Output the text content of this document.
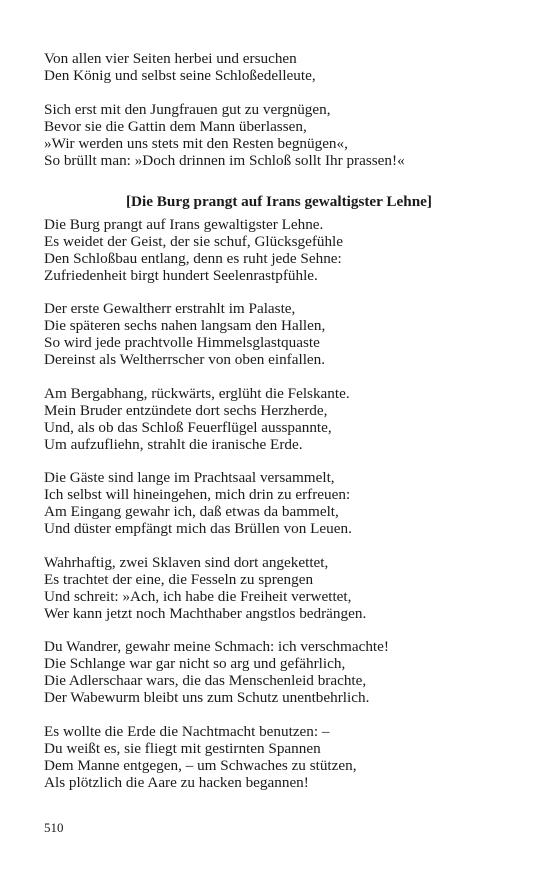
Von allen vier Seiten herbei und ersuchen
Den König und selbst seine Schloßedelleute,
Sich erst mit den Jungfrauen gut zu vergnügen,
Bevor sie die Gattin dem Mann überlassen,
»Wir werden uns stets mit den Resten begnügen«,
So brüllt man: »Doch drinnen im Schloß sollt Ihr prassen!«
[Die Burg prangt auf Irans gewaltigster Lehne]
Die Burg prangt auf Irans gewaltigster Lehne.
Es weidet der Geist, der sie schuf, Glücksgefühle
Den Schloßbau entlang, denn es ruht jede Sehne:
Zufriedenheit birgt hundert Seelenrastpfühle.
Der erste Gewaltherr erstrahlt im Palaste,
Die späteren sechs nahen langsam den Hallen,
So wird jede prachtvolle Himmelsglastquaste
Dereinst als Weltherrscher von oben einfallen.
Am Bergabhang, rückwärts, erglüht die Felskante.
Mein Bruder entzündete dort sechs Herzherde,
Und, als ob das Schloß Feuerflügel ausspannte,
Um aufzufliehn, strahlt die iranische Erde.
Die Gäste sind lange im Prachtsaal versammelt,
Ich selbst will hineingehen, mich drin zu erfreuen:
Am Eingang gewahr ich, daß etwas da bammelt,
Und düster empfängt mich das Brüllen von Leuen.
Wahrhaftig, zwei Sklaven sind dort angekettet,
Es trachtet der eine, die Fesseln zu sprengen
Und schreit: »Ach, ich habe die Freiheit verwettet,
Wer kann jetzt noch Machthaber angstlos bedrängen.
Du Wandrer, gewahr meine Schmach: ich verschmachte!
Die Schlange war gar nicht so arg und gefährlich,
Die Adlerschaar wars, die das Menschenleid brachte,
Der Wabewurm bleibt uns zum Schutz unentbehrlich.
Es wollte die Erde die Nachtmacht benutzen: –
Du weißt es, sie fliegt mit gestirnten Spannen
Dem Manne entgegen, – um Schwaches zu stützen,
Als plötzlich die Aare zu hacken begannen!
510
